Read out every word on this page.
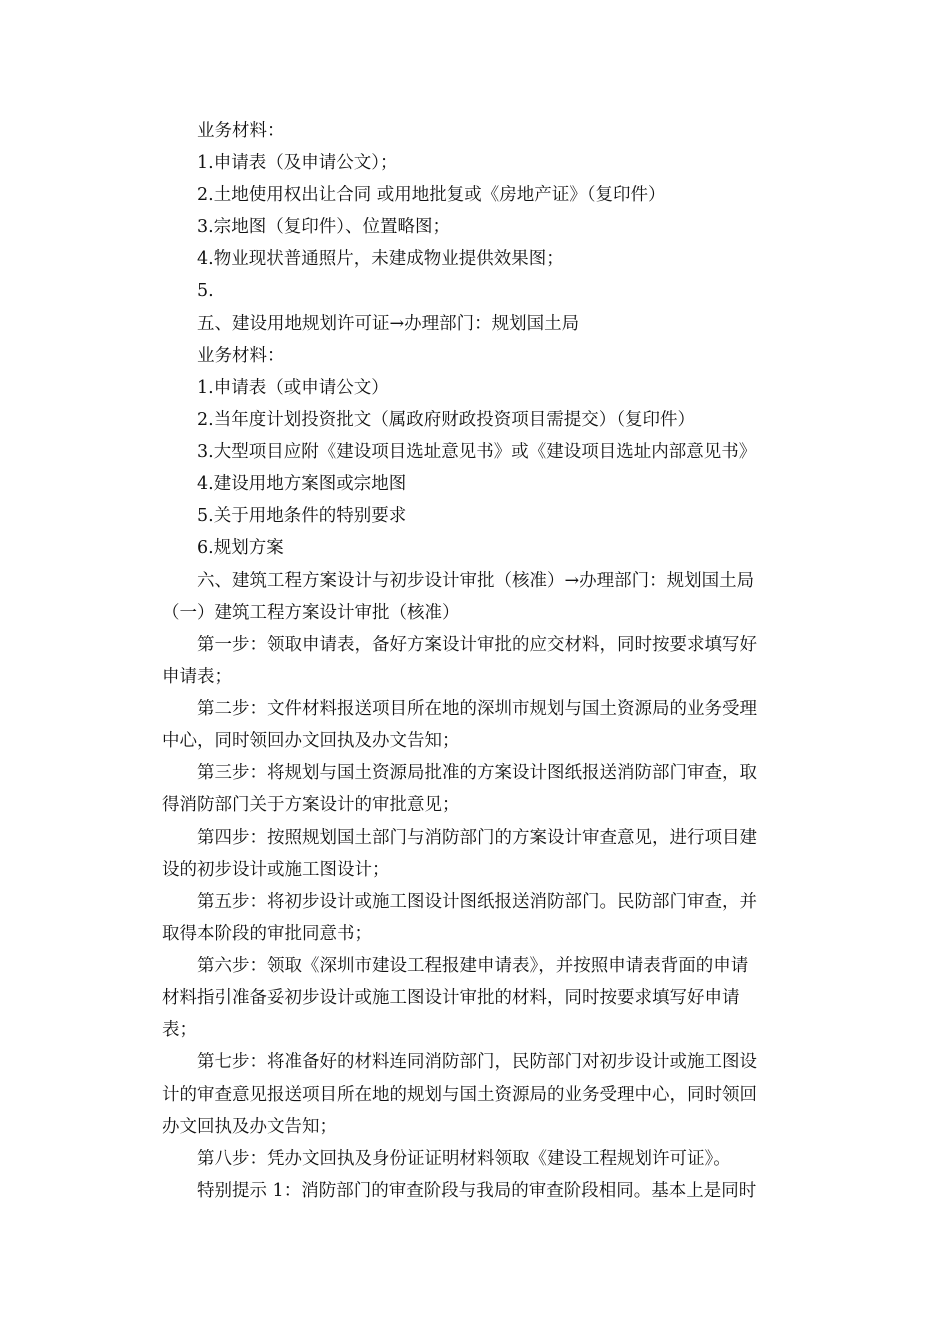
业务材料：
1.申请表（及申请公文）；
2.土地使用权出让合同 或用地批复或《房地产证》（复印件）
3.宗地图（复印件）、位置略图；
4.物业现状普通照片，未建成物业提供效果图；
5.
五、建设用地规划许可证→办理部门：规划国土局
业务材料：
1.申请表（或申请公文）
2.当年度计划投资批文（属政府财政投资项目需提交）（复印件）
3.大型项目应附《建设项目选址意见书》或《建设项目选址内部意见书》
4.建设用地方案图或宗地图
5.关于用地条件的特别要求
6.规划方案
六、建筑工程方案设计与初步设计审批（核准）→办理部门：规划国土局
（一）建筑工程方案设计审批（核准）
第一步：领取申请表，备好方案设计审批的应交材料，同时按要求填写好
申请表；
第二步：文件材料报送项目所在地的深圳市规划与国土资源局的业务受理
中心，同时领回办文回执及办文告知；
第三步：将规划与国土资源局批准的方案设计图纸报送消防部门审查，取
得消防部门关于方案设计的审批意见；
第四步：按照规划国土部门与消防部门的方案设计审查意见，进行项目建
设的初步设计或施工图设计；
第五步：将初步设计或施工图设计图纸报送消防部门。民防部门审查，并
取得本阶段的审批同意书；
第六步：领取《深圳市建设工程报建申请表》，并按照申请表背面的申请
材料指引准备妥初步设计或施工图设计审批的材料，同时按要求填写好申请
表；
第七步：将准备好的材料连同消防部门，民防部门对初步设计或施工图设
计的审查意见报送项目所在地的规划与国土资源局的业务受理中心，同时领回
办文回执及办文告知；
第八步：凭办文回执及身份证证明材料领取《建设工程规划许可证》。
特别提示 1：消防部门的审查阶段与我局的审查阶段相同。基本上是同时
